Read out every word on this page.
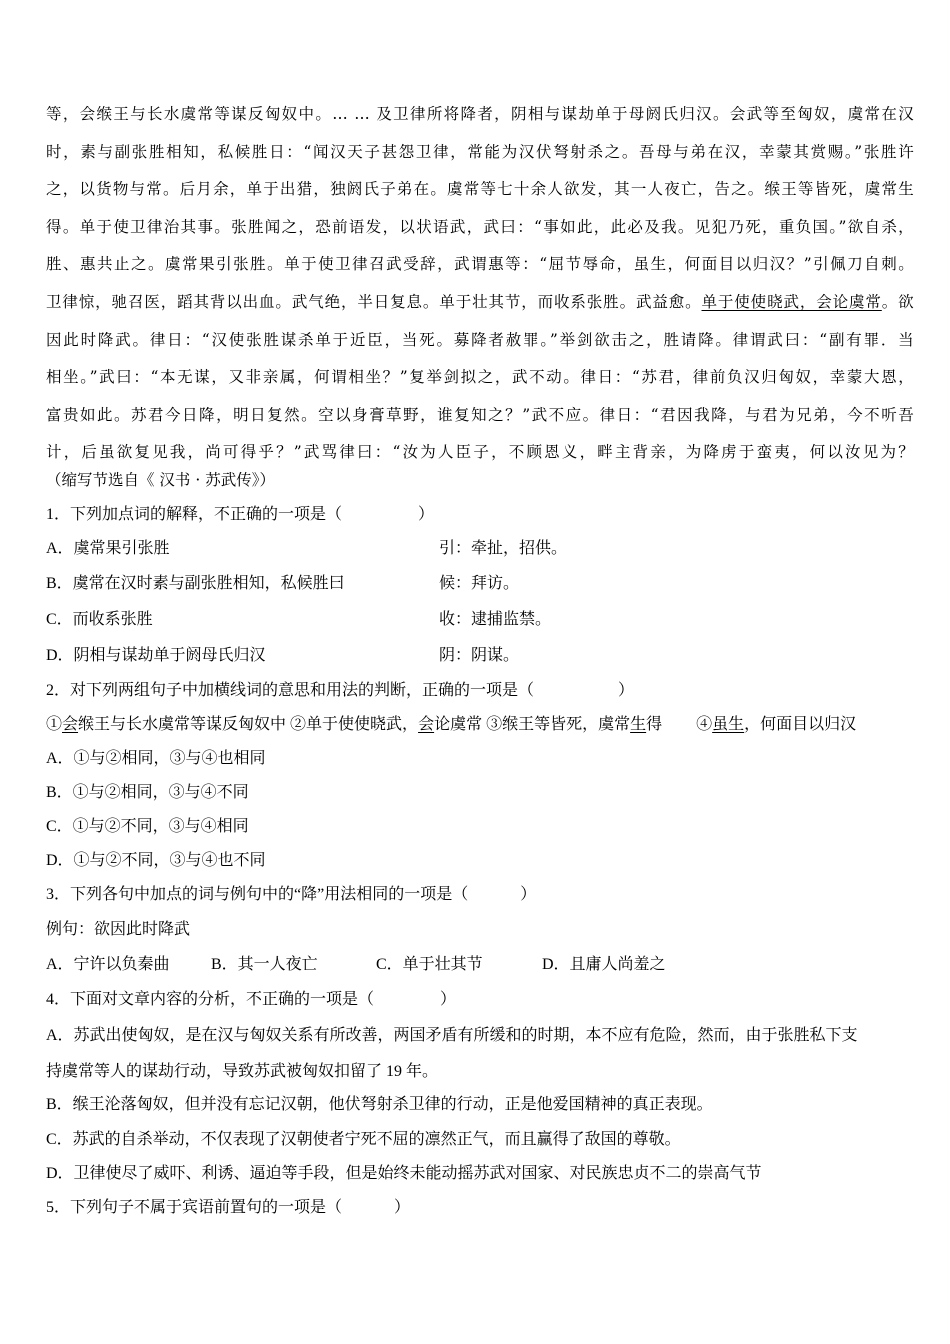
等，会缑王与长水虞常等谋反匈奴中。… … 及卫律所将降者，阴相与谋劫单于母阏氏归汉。会武等至匈奴，虞常在汉
时，素与副张胜相知，私候胜日：“闻汉天子甚怨卫律，常能为汉伏弩射杀之。吾母与弟在汉，幸蒙其赏赐。”张胜许
之，以货物与常。后月余，单于出猎，独阏氏子弟在。虞常等七十余人欲发，其一人夜亡，告之。缑王等皆死，虞常生
得。单于使卫律治其事。张胜闻之，恐前语发，以状语武，武曰：“事如此，此必及我。见犯乃死，重负国。”欲自杀，
胜、惠共止之。虞常果引张胜。单于使卫律召武受辞，武谓惠等：“屈节辱命，虽生，何面目以归汉？”引佩刀自刺。
卫律惊，驰召医，蹈其背以出血。武气绝，半日复息。单于壮其节，而收系张胜。武益愈。单于使使晓武，会论虞常。欲
因此时降武。律日：“汉使张胜谋杀单于近臣，当死。募降者赦罪。”举剑欲击之，胜请降。律谓武曰：“副有罪．当
相坐。”武曰：“本无谋，又非亲属，何谓相坐？”复举剑拟之，武不动。律日：“苏君，律前负汉归匈奴，幸蒙大恩，
富贵如此。苏君今日降，明日复然。空以身膏草野，谁复知之？”武不应。律日：“君因我降，与君为兄弟，今不听吾
计，后虽欲复见我，尚可得乎？”武骂律曰：“汝为人臣子，不顾恩义，畔主背亲，为降虏于蛮夷，何以汝见为？
（缩写节选自《 汉书 · 苏武传》）
1．下列加点词的解释，不正确的一项是（	）
A．虞常果引张胜	引：牵扯，招供。
B．虞常在汉时素与副张胜相知，私候胜曰	候：拜访。
C．而收系张胜	收：逮捕监禁。
D．阴相与谋劫单于阏母氏归汉	阴：阴谋。
2．对下列两组句子中加横线词的意思和用法的判断，正确的一项是（	）
①会缑王与长水虞常等谋反匈奴中 ②单于使使晓武，会论虞常 ③缑王等皆死，虞常生得 ④虽生，何面目以归汉
A．①与②相同，③与④也相同
B．①与②相同，③与④不同
C．①与②不同，③与④相同
D．①与②不同，③与④也不同
3．下列各句中加点的词与例句中的“降”用法相同的一项是（	）
例句：欲因此时降武
A．宁许以负秦曲	B．其一人夜亡	C．单于壮其节	D．且庸人尚羞之
4．下面对文章内容的分析，不正确的一项是（	）
A．苏武出使匈奴，是在汉与匈奴关系有所改善，两国矛盾有所缓和的时期，本不应有危险，然而，由于张胜私下支
持虞常等人的谋劫行动，导致苏武被匈奴扣留了 19 年。
B．缑王沦落匈奴，但并没有忘记汉朝，他伏弩射杀卫律的行动，正是他爱国精神的真正表现。
C．苏武的自杀举动，不仅表现了汉朝使者宁死不屈的凛然正气，而且赢得了敌国的尊敬。
D．卫律使尽了威吓、利诱、逼迫等手段，但是始终未能动摇苏武对国家、对民族忠贞不二的崇高气节
5．下列句子不属于宾语前置句的一项是（	）
